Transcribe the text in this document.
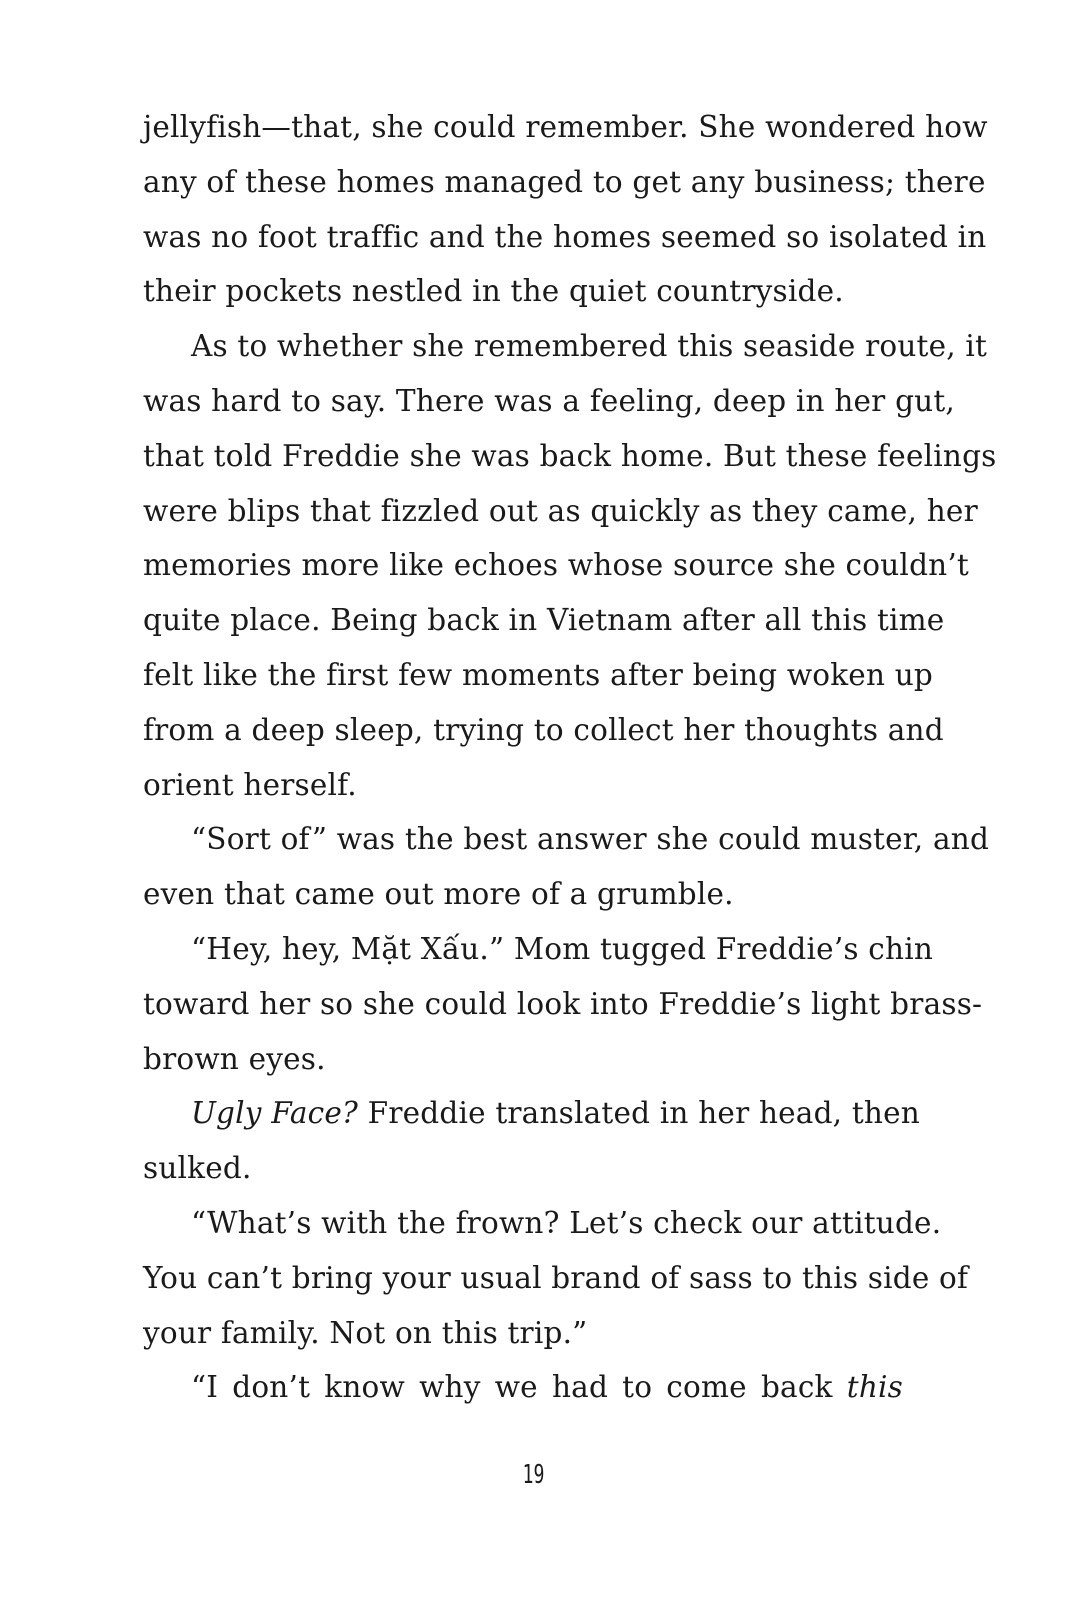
jellyfish—that, she could remember. She wondered how
any of these homes managed to get any business; there
was no foot traffic and the homes seemed so isolated in
their pockets nestled in the quiet countryside.
As to whether she remembered this seaside route, it
was hard to say. There was a feeling, deep in her gut,
that told Freddie she was back home. But these feelings
were blips that fizzled out as quickly as they came, her
memories more like echoes whose source she couldn’t
quite place. Being back in Vietnam after all this time
felt like the first few moments after being woken up
from a deep sleep, trying to collect her thoughts and
orient herself.
“Sort of” was the best answer she could muster, and
even that came out more of a grumble.
“Hey, hey, Mặt Xấu.” Mom tugged Freddie’s chin
toward her so she could look into Freddie’s light brass-
brown eyes.
Ugly Face? Freddie translated in her head, then
sulked.
“What’s with the frown? Let’s check our attitude.
You can’t bring your usual brand of sass to this side of
your family. Not on this trip.”
“I don’t know why we had to come back this
19
